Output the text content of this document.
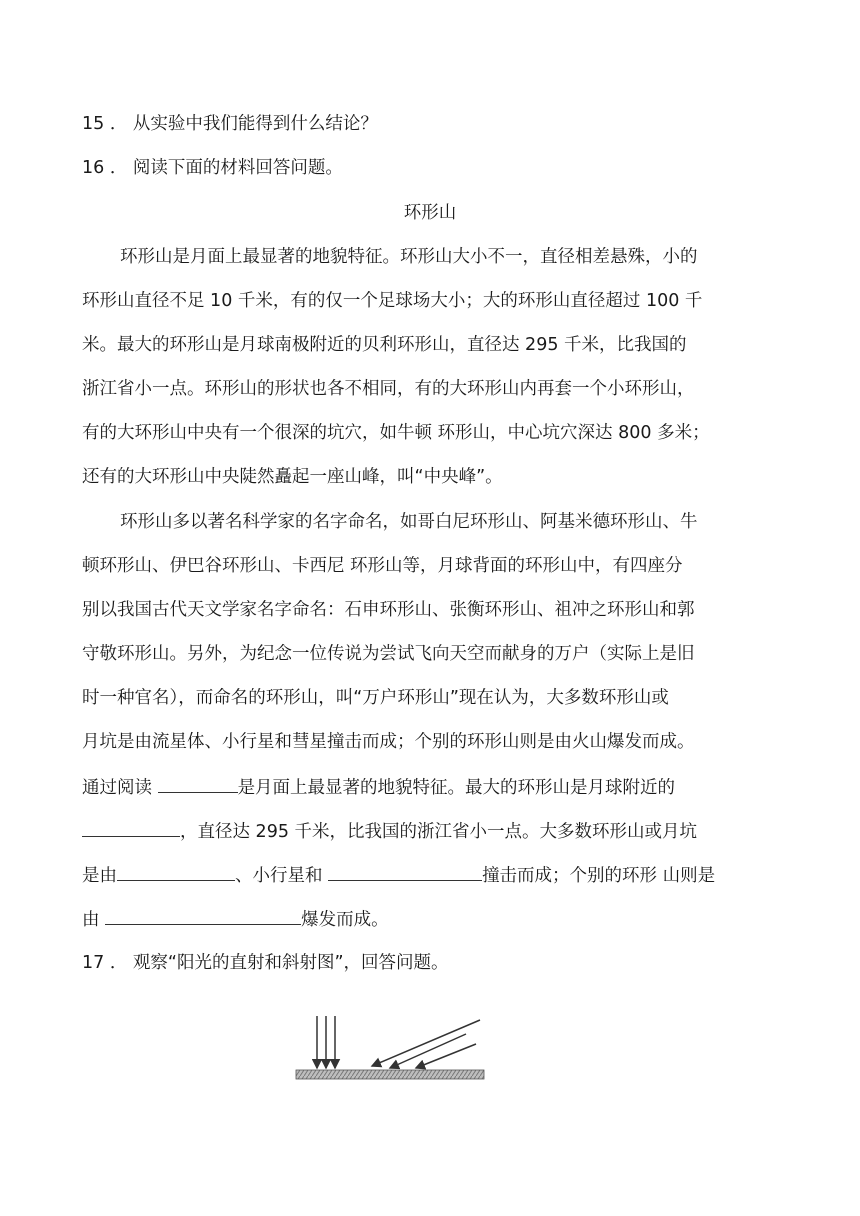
15 ． 从实验中我们能得到什么结论？
16 ． 阅读下面的材料回答问题。
环形山
环形山是月面上最显著的地貌特征。环形山大小不一，直径相差悬殊，小的
环形山直径不足 10 千米，有的仅一个足球场大小；大的环形山直径超过 100 千
米。最大的环形山是月球南极附近的贝利环形山，直径达 295 千米，比我国的
浙江省小一点。环形山的形状也各不相同，有的大环形山内再套一个小环形山，
有的大环形山中央有一个很深的坑穴，如牛顿 环形山，中心坑穴深达 800 多米；
还有的大环形山中央陡然矗起一座山峰，叫“中央峰”。
环形山多以著名科学家的名字命名，如哥白尼环形山、阿基米德环形山、牛
顿环形山、伊巴谷环形山、卡西尼 环形山等，月球背面的环形山中，有四座分
别以我国古代天文学家名字命名：石申环形山、张衡环形山、祖冲之环形山和郭
守敬环形山。另外，为纪念一位传说为尝试飞向天空而献身的万户（实际上是旧
时一种官名），而命名的环形山，叫“万户环形山”现在认为，大多数环形山或
月坑是由流星体、小行星和彗星撞击而成；个别的环形山则是由火山爆发而成。
通过阅读	是月面上最显著的地貌特征。最大的环形山是月球附近的
，直径达 295 千米，比我国的浙江省小一点。大多数环形山或月坑
是由	、小行星和	撞击而成；个别的环形 山则是
由	爆发而成。
17 ． 观察“阳光的直射和斜射图”，回答问题。
